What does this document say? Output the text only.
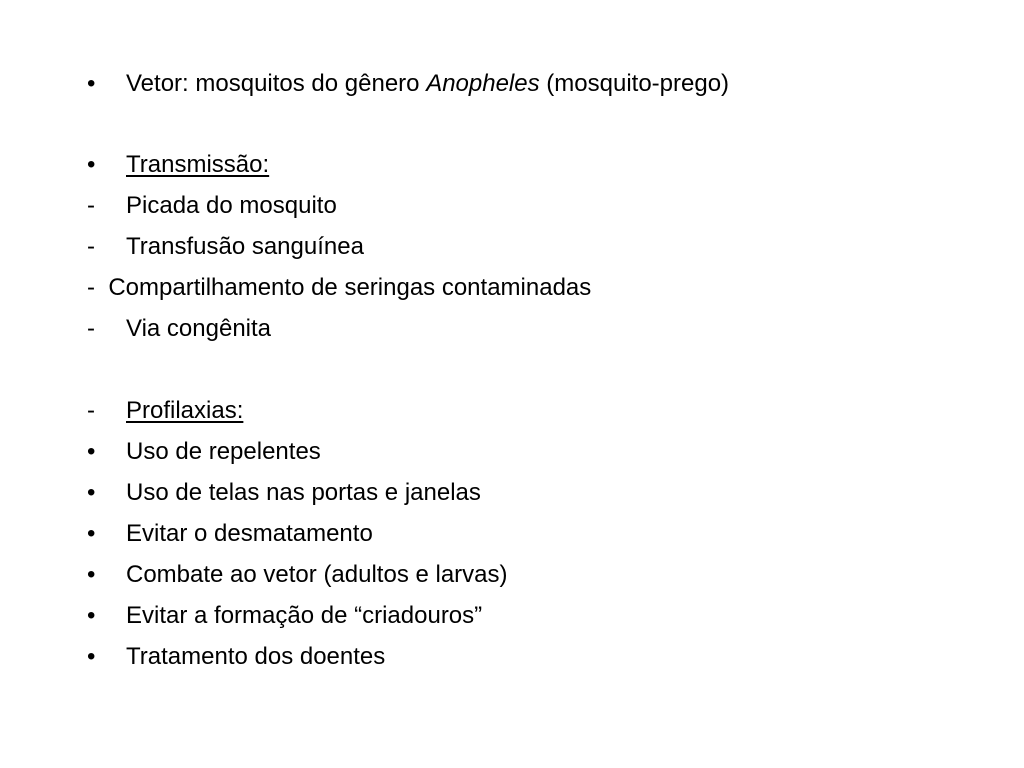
• Vetor: mosquitos do gênero Anopheles (mosquito-prego)
• Transmissão:
- Picada do mosquito
- Transfusão sanguínea
-  Compartilhamento de seringas contaminadas
- Via congênita
- Profilaxias:
• Uso de repelentes
• Uso de telas nas portas e janelas
• Evitar o desmatamento
• Combate ao vetor (adultos e larvas)
• Evitar a formação de “criadouros”
• Tratamento dos doentes
